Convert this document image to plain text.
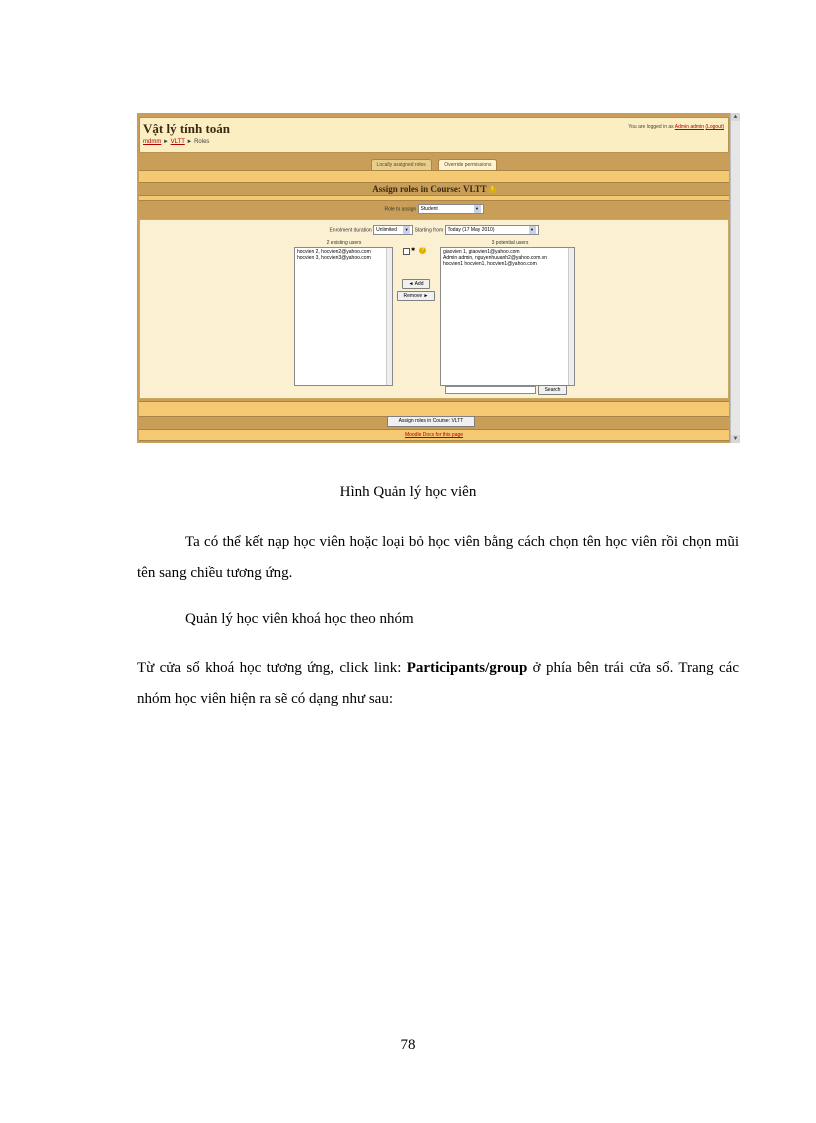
Vật lý tính toán
mdmm ► VLTT ► Roles
You are logged in as Admin admin (Logout)
Locally assigned roles	Override permissions
Assign roles in Course: VLTT ?
Role to assign Student	▼
Enrolment duration Unlimited	▼	Starting from Today (17 May 2010)	▼
2 existing users	3 potential users
hocvien 2, hocvien2@yahoo.com
hocvien 3, hocvien3@yahoo.com
✱	?
◄ Add
Remove ►
giaovien 1, giaovien1@yahoo.com
Admin admin, nguyenhuuanh2@yahoo.com.vn
hocvien1 hocvien1, hocvien1@yahoo.com
Search
Assign roles in Course: VLTT
Moodle Docs for this page
▲
▼
Hình Quản lý học viên

Ta có thể kết nạp học viên hoặc loại bỏ học viên bằng cách chọn tên học viên rồi chọn mũi tên sang chiều tương ứng.

Quản lý học viên khoá học theo nhóm

Từ cửa sổ khoá học tương ứng, click link: Participants/group ở phía bên trái cửa sổ. Trang các nhóm học viên hiện ra sẽ có dạng như sau:

78
